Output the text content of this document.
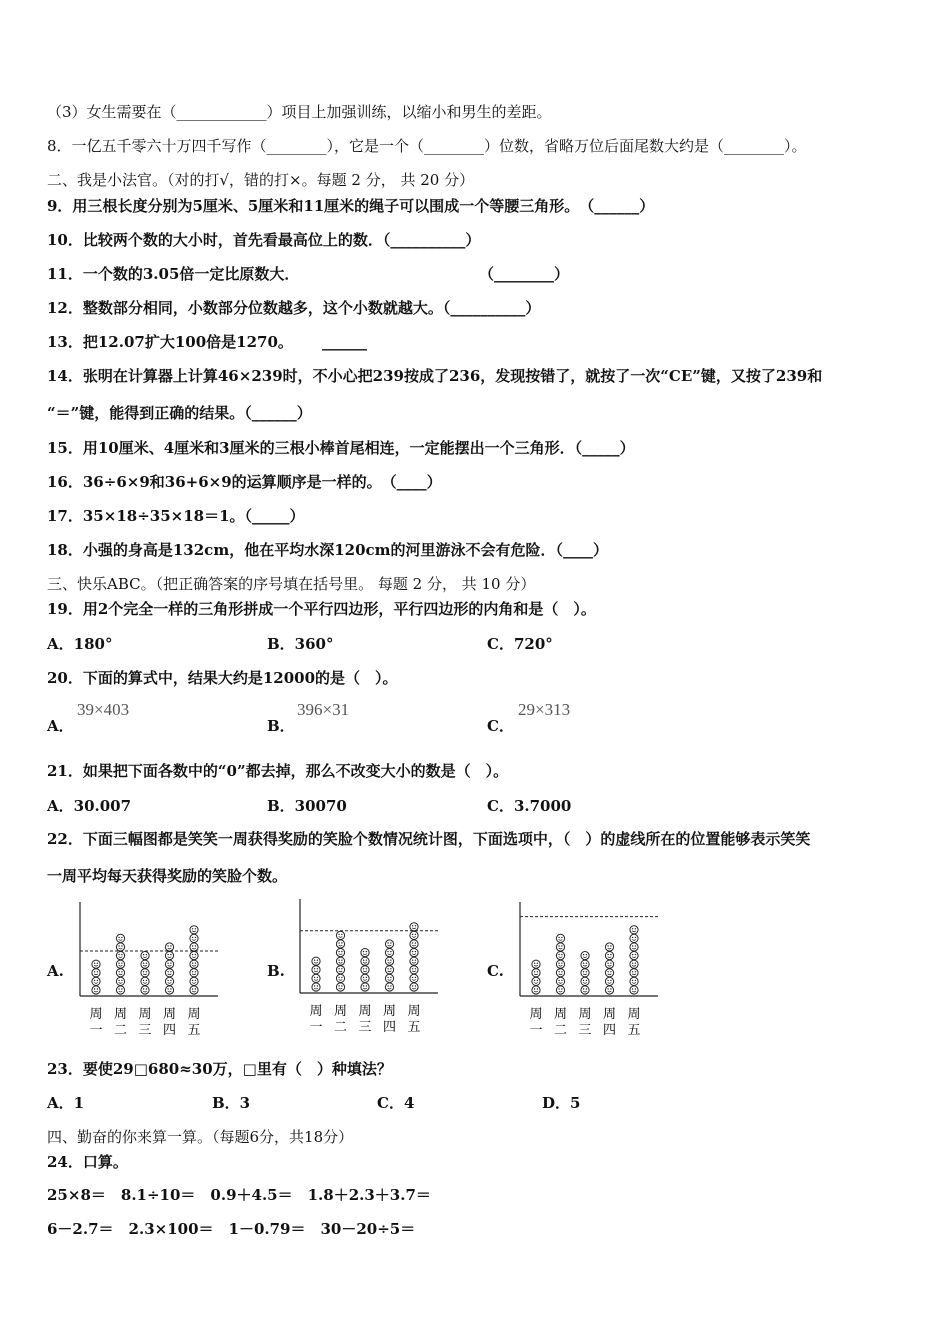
（3）女生需要在（____________）项目上加强训练，以缩小和男生的差距。
8．一亿五千零六十万四千写作（________），它是一个（________）位数，省略万位后面尾数大约是（________）。
二、我是小法官。（对的打√，错的打×。每题 2 分， 共 20 分）
9．用三根长度分别为5厘米、5厘米和11厘米的绳子可以围成一个等腰三角形。　（______）
10．比较两个数的大小时，首先看最高位上的数．（__________）
11．一个数的3.05倍一定比原数大．	（________）
12．整数部分相同，小数部分位数越多，这个小数就越大。（__________）
13．把12.07扩大100倍是1270。 ______
14．张明在计算器上计算46×239时，不小心把239按成了236，发现按错了，就按了一次“CE”键，又按了239和
“＝”键，能得到正确的结果。（______）
15．用10厘米、4厘米和3厘米的三根小棒首尾相连，一定能摆出一个三角形．（_____）
16．36÷6×9和36+6×9的运算顺序是一样的。　（____）
17．35×18÷35×18＝1。（_____）
18．小强的身高是132cm，他在平均水深120cm的河里游泳不会有危险．（____）
三、快乐ABC。（把正确答案的序号填在括号里。 每题 2 分， 共 10 分）
19．用2个完全一样的三角形拼成一个平行四边形，平行四边形的内角和是（　）。
A．180°	B．360°	C．720°
20．下面的算式中，结果大约是12000的是（　）。
A．
39×403
B．
396×31
C．
29×313
21．如果把下面各数中的“0”都去掉，那么不改变大小的数是（　）。
A．30.007	B．30070	C．3.7000
22．下面三幅图都是笑笑一周获得奖励的笑脸个数情况统计图，下面选项中，（　）的虚线所在的位置能够表示笑笑
一周平均每天获得奖励的笑脸个数。
A.
周
一
周
二
周
三
周
四
周
五
B.
周
一
周
二
周
三
周
四
周
五
C.
周
一
周
二
周
三
周
四
周
五
23．要使29□680≈30万，□里有（　）种填法？
A．1	B．3	C．4	D．5
四、勤奋的你来算一算。（每题6分，共18分）
24．口算。
25×8＝　8.1÷10＝　0.9＋4.5＝　1.8＋2.3＋3.7＝
6－2.7＝　2.3×100＝　1－0.79＝　30－20÷5＝
